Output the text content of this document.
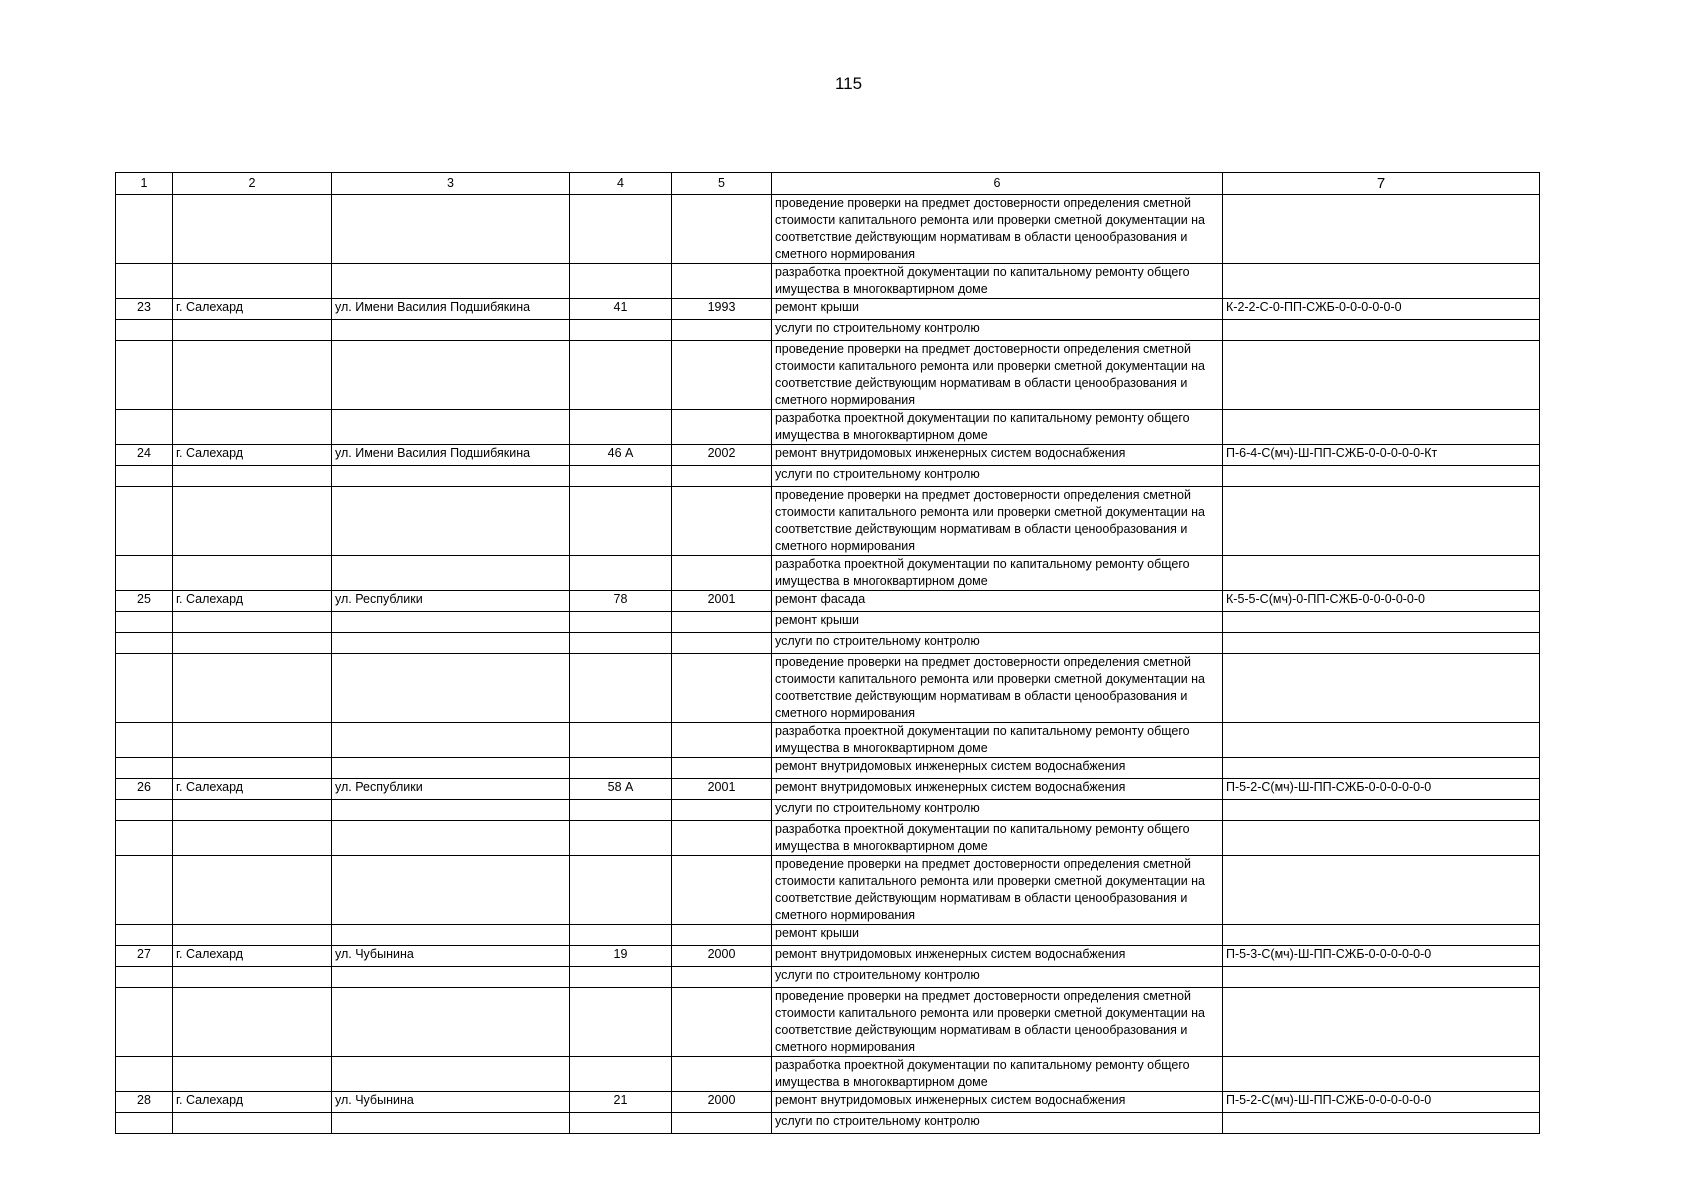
115
1	2	3	4	5	6	7
					проведение проверки на предмет достоверности определения сметной стоимости капитального ремонта или проверки сметной документации на соответствие действующим нормативам в области ценообразования и сметного нормирования	
					разработка проектной документации по капитальному ремонту общего имущества в многоквартирном доме	
23	г. Салехард	ул. Имени Василия Подшибякина	41	1993	ремонт крыши	К-2-2-С-0-ПП-СЖБ-0-0-0-0-0-0
					услуги по строительному контролю	
					проведение проверки на предмет достоверности определения сметной стоимости капитального ремонта или проверки сметной документации на соответствие действующим нормативам в области ценообразования и сметного нормирования	
					разработка проектной документации по капитальному ремонту общего имущества в многоквартирном доме	
24	г. Салехард	ул. Имени Василия Подшибякина	46 А	2002	ремонт внутридомовых инженерных систем водоснабжения	П-6-4-С(мч)-Ш-ПП-СЖБ-0-0-0-0-0-Кт
					услуги по строительному контролю	
					проведение проверки на предмет достоверности определения сметной стоимости капитального ремонта или проверки сметной документации на соответствие действующим нормативам в области ценообразования и сметного нормирования	
					разработка проектной документации по капитальному ремонту общего имущества в многоквартирном доме	
25	г. Салехард	ул. Республики	78	2001	ремонт фасада	К-5-5-С(мч)-0-ПП-СЖБ-0-0-0-0-0-0
					ремонт крыши	
					услуги по строительному контролю	
					проведение проверки на предмет достоверности определения сметной стоимости капитального ремонта или проверки сметной документации на соответствие действующим нормативам в области ценообразования и сметного нормирования	
					разработка проектной документации по капитальному ремонту общего имущества в многоквартирном доме	
					ремонт внутридомовых инженерных систем водоснабжения	
26	г. Салехард	ул. Республики	58 А	2001	ремонт внутридомовых инженерных систем водоснабжения	П-5-2-С(мч)-Ш-ПП-СЖБ-0-0-0-0-0-0
					услуги по строительному контролю	
					разработка проектной документации по капитальному ремонту общего имущества в многоквартирном доме	
					проведение проверки на предмет достоверности определения сметной стоимости капитального ремонта или проверки сметной документации на соответствие действующим нормативам в области ценообразования и сметного нормирования	
					ремонт крыши	
27	г. Салехард	ул. Чубынина	19	2000	ремонт внутридомовых инженерных систем водоснабжения	П-5-3-С(мч)-Ш-ПП-СЖБ-0-0-0-0-0-0
					услуги по строительному контролю	
					проведение проверки на предмет достоверности определения сметной стоимости капитального ремонта или проверки сметной документации на соответствие действующим нормативам в области ценообразования и сметного нормирования	
					разработка проектной документации по капитальному ремонту общего имущества в многоквартирном доме	
28	г. Салехард	ул. Чубынина	21	2000	ремонт внутридомовых инженерных систем водоснабжения	П-5-2-С(мч)-Ш-ПП-СЖБ-0-0-0-0-0-0
					услуги по строительному контролю	
